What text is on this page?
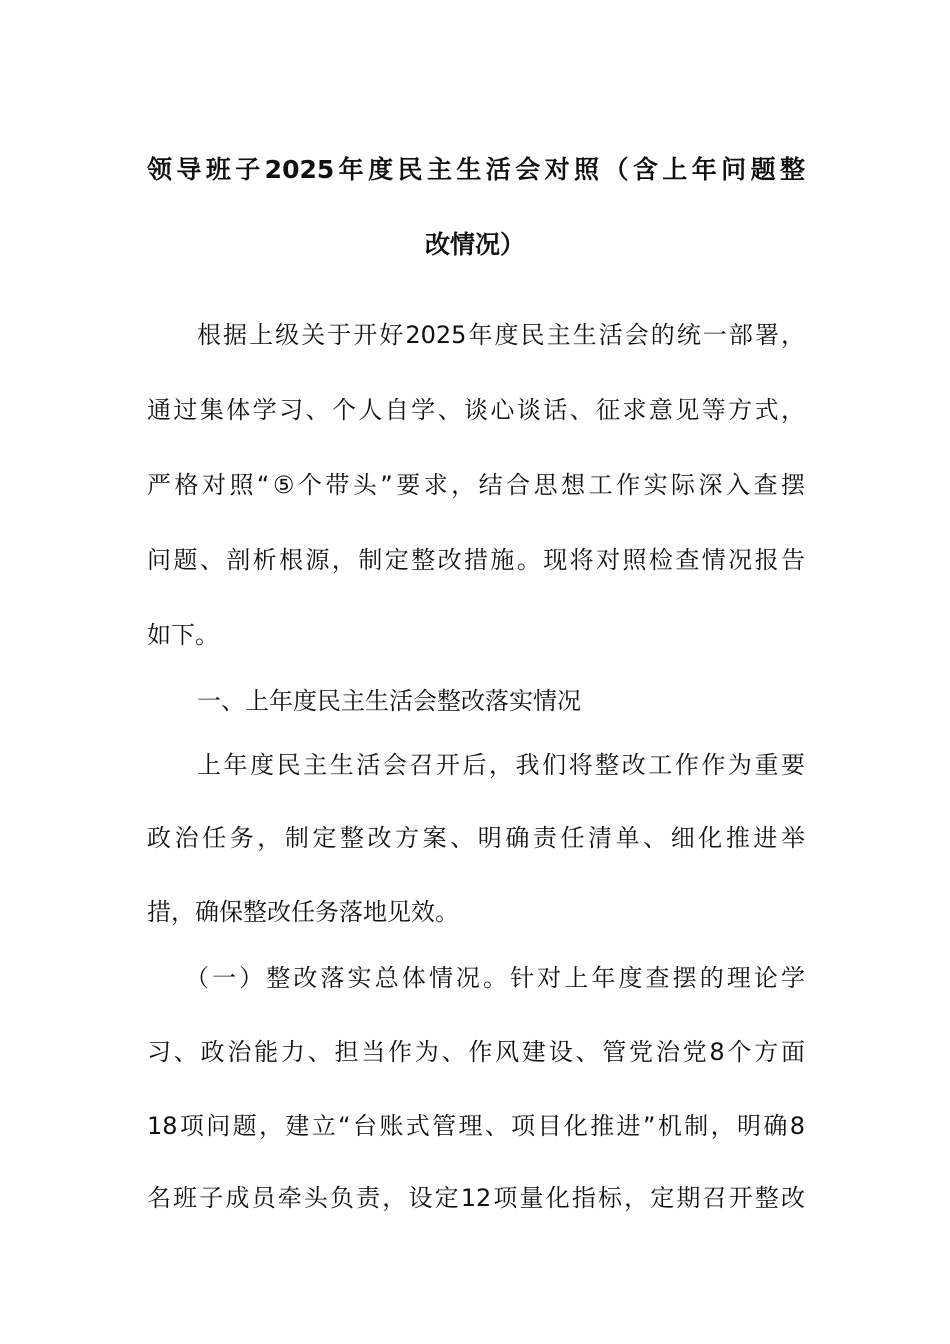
领导班子2025年度民主生活会对照（含上年问题整
改情况）
根据上级关于开好2025年度民主生活会的统一部署，
通过集体学习、个人自学、谈心谈话、征求意见等方式，
严格对照“⑤个带头”要求，结合思想工作实际深入查摆
问题、剖析根源，制定整改措施。现将对照检查情况报告
如下。
一、上年度民主生活会整改落实情况
上年度民主生活会召开后，我们将整改工作作为重要
政治任务，制定整改方案、明确责任清单、细化推进举
措，确保整改任务落地见效。
（一）整改落实总体情况。针对上年度查摆的理论学
习、政治能力、担当作为、作风建设、管党治党8个方面
18项问题，建立“台账式管理、项目化推进”机制，明确8
名班子成员牵头负责，设定12项量化指标，定期召开整改
